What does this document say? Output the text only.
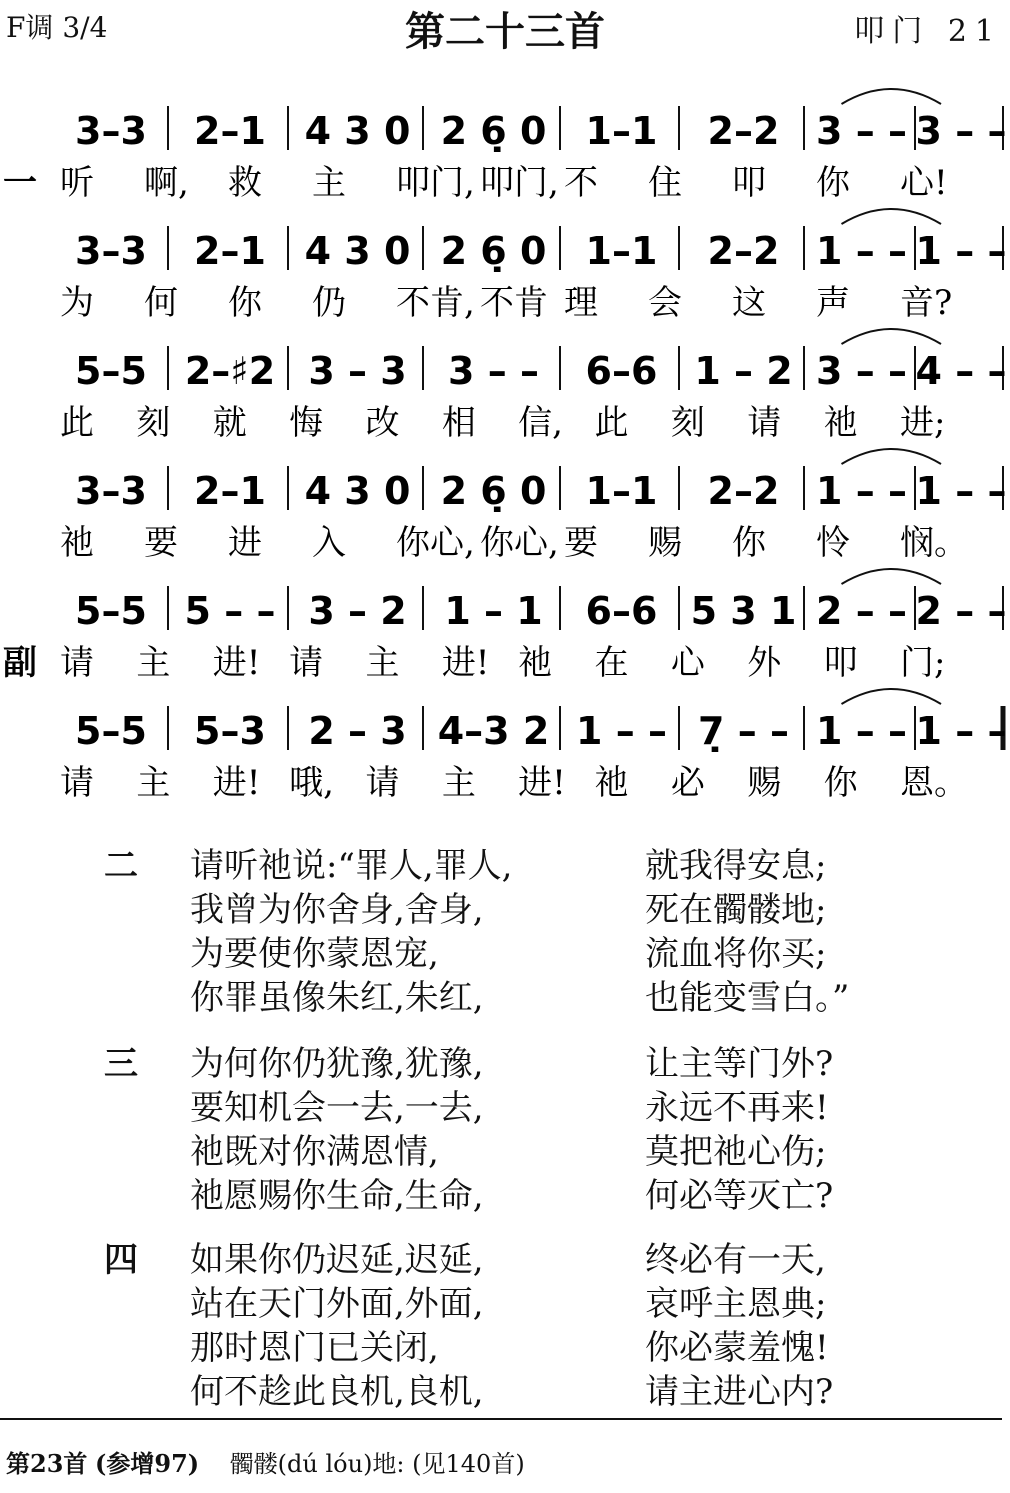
F调 3/4	第二十三首	叩门 21
3–3 2–1 4 3 0 2 6̣ 0 1–1 2–2 3 – – 3 – –
一 听 啊, 救 主 叩门, 叩门, 不 住 叩 你 心!
3–3 2–1 4 3 0 2 6̣ 0 1–1 2–2 1 – – 1 – –
为 何 你 仍 不肯, 不肯 理 会 这 声 音?
5–5 2–♯2 3 – 3 3 – – 6–6 1 – 2 3 – – 4 – –
此 刻 就 悔 改 相 信, 此 刻 请 祂 进;
3–3 2–1 4 3 0 2 6̣ 0 1–1 2–2 1 – – 1 – –
祂 要 进 入 你心, 你心, 要 赐 你 怜 悯。
5–5 5 – – 3 – 2 1 – 1 6–6 5 3 1 2 – – 2 – –
副 请 主 进! 请 主 进! 祂 在 心 外 叩 门;
5–5 5–3 2 – 3 4–3 2 1 – – 7̣ – – 1 – – 1 – –
请 主 进! 哦, 请 主 进! 祂 必 赐 你 恩。
二 请听祂说:“罪人,罪人,
我曾为你舍身,舍身,
为要使你蒙恩宠,
你罪虽像朱红,朱红,
就我得安息;
死在髑髅地;
流血将你买;
也能变雪白。”
三 为何你仍犹豫,犹豫,
要知机会一去,一去,
祂既对你满恩情,
祂愿赐你生命,生命,
让主等门外?
永远不再来!
莫把祂心伤;
何必等灭亡?
四 如果你仍迟延,迟延,
站在天门外面,外面,
那时恩门已关闭,
何不趁此良机,良机,
终必有一天,
哀呼主恩典;
你必蒙羞愧!
请主进心内?
第23首 (参增97) 髑髅(dú lóu)地: (见140首)
